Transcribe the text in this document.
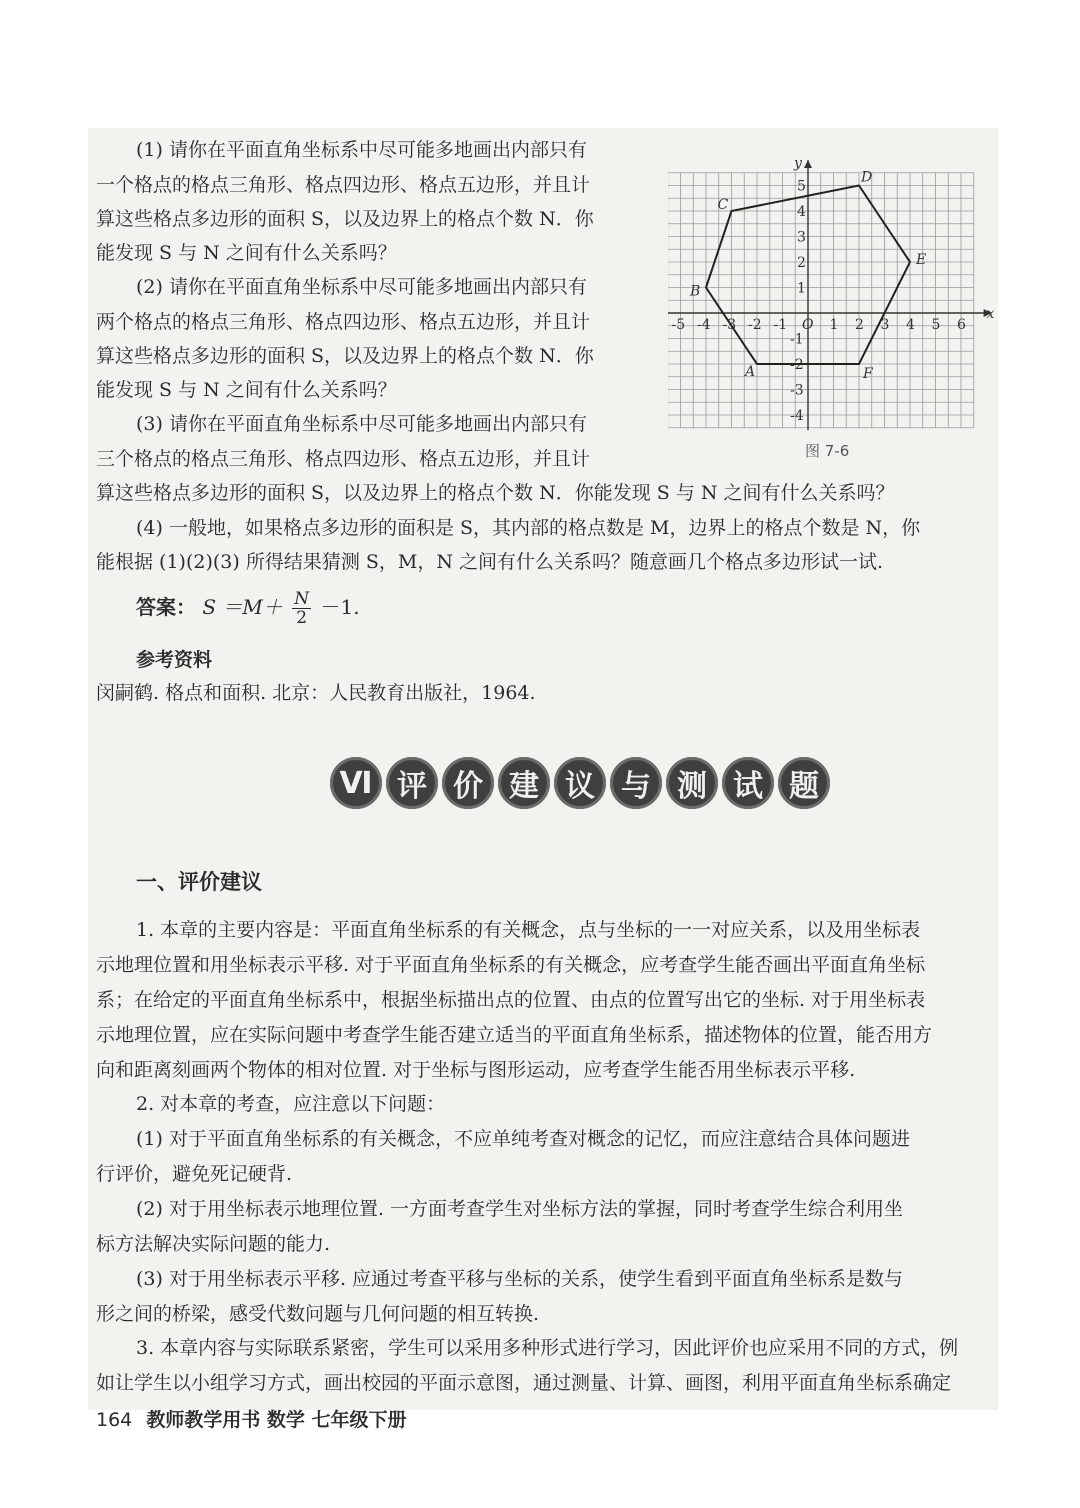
(1) 请你在平面直角坐标系中尽可能多地画出内部只有

一个格点的格点三角形、格点四边形、格点五边形，并且计

算这些格点多边形的面积 S，以及边界上的格点个数 N．你

能发现 S 与 N 之间有什么关系吗？

(2) 请你在平面直角坐标系中尽可能多地画出内部只有

两个格点的格点三角形、格点四边形、格点五边形，并且计

算这些格点多边形的面积 S，以及边界上的格点个数 N．你

能发现 S 与 N 之间有什么关系吗？

(3) 请你在平面直角坐标系中尽可能多地画出内部只有

三个格点的格点三角形、格点四边形、格点五边形，并且计

算这些格点多边形的面积 S，以及边界上的格点个数 N．你能发现 S 与 N 之间有什么关系吗？

(4) 一般地，如果格点多边形的面积是 S，其内部的格点数是 M，边界上的格点个数是 N，你

能根据 (1)(2)(3) 所得结果猜测 S，M，N 之间有什么关系吗？随意画几个格点多边形试一试.

x
y
O
-5 -4 -3 -2 -1	1 2 3 4 5 6
5
4
3
2
1
-1
-2
-3
-4
A	F
E
D
C
B
图 7-6
答案： $S =M+ \frac{N}{2} -1$.
参考资料
闵嗣鹤. 格点和面积. 北京：人民教育出版社，1964.
Ⅵ 评 价 建 议 与 测 试 题
一、评价建议

1. 本章的主要内容是：平面直角坐标系的有关概念，点与坐标的一一对应关系，以及用坐标表

示地理位置和用坐标表示平移. 对于平面直角坐标系的有关概念，应考查学生能否画出平面直角坐标

系；在给定的平面直角坐标系中，根据坐标描出点的位置、由点的位置写出它的坐标. 对于用坐标表

示地理位置，应在实际问题中考查学生能否建立适当的平面直角坐标系，描述物体的位置，能否用方

向和距离刻画两个物体的相对位置. 对于坐标与图形运动，应考查学生能否用坐标表示平移.

2. 对本章的考查，应注意以下问题：

(1) 对于平面直角坐标系的有关概念，不应单纯考查对概念的记忆，而应注意结合具体问题进

行评价，避免死记硬背.

(2) 对于用坐标表示地理位置. 一方面考查学生对坐标方法的掌握，同时考查学生综合利用坐

标方法解决实际问题的能力.

(3) 对于用坐标表示平移. 应通过考查平移与坐标的关系，使学生看到平面直角坐标系是数与

形之间的桥梁，感受代数问题与几何问题的相互转换.

3. 本章内容与实际联系紧密，学生可以采用多种形式进行学习，因此评价也应采用不同的方式，例

如让学生以小组学习方式，画出校园的平面示意图，通过测量、计算、画图，利用平面直角坐标系确定

164 教师教学用书 数学 七年级下册
